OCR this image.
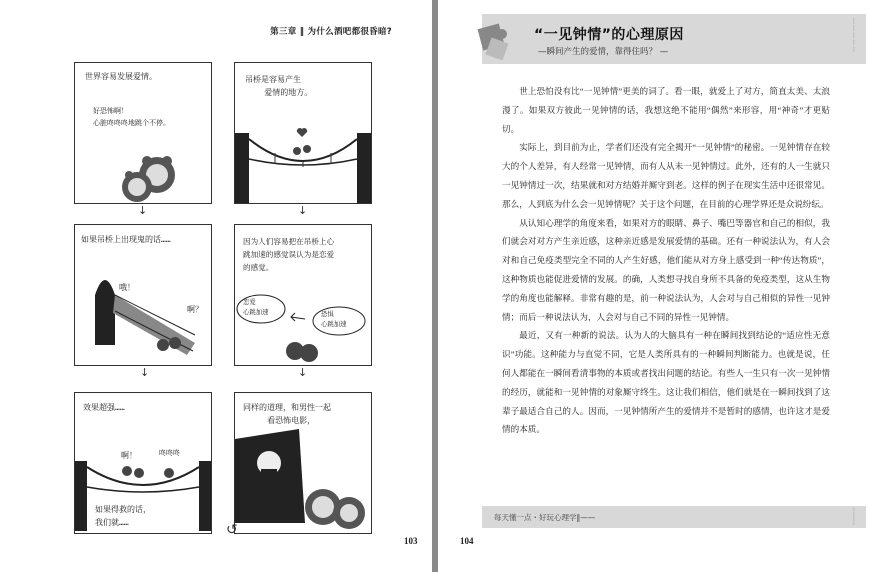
第三章 ‖ 为什么酒吧都很昏暗?
世界容易发展爱情。
好恐怖啊！
心脏咚咚咚地跳个不停。
↓
吊桥是容易产生
爱情的地方。
↓
如果吊桥上出现鬼的话……
哦！
啊？
↓
因为人们容易把在吊桥上心
跳加速的感觉误认为是恋爱
的感觉。
恋爱
心跳加速	恐惧
心跳加速
↓
效果超强……
啊！	咚咚咚
如果得救的话，
我们就……
同样的道理，和男性一起
看恐怖电影，
↺
103
“一见钟情”的心理原因
—瞬间产生的爱情，靠得住吗？ —
⋮
⋮
⋮
⋮
⋮

世上恐怕没有比“一见钟情”更美的词了。看一眼，就爱上了对方，简直太美、太浪漫了。如果双方彼此一见钟情的话，我想这绝不能用“偶然”来形容，用“神奇”才更贴切。

实际上，到目前为止，学者们还没有完全揭开“一见钟情”的秘密。一见钟情存在较大的个人差异，有人经常一见钟情，而有人从未一见钟情过。此外，还有的人一生就只一见钟情过一次，结果就和对方结婚并厮守到老。这样的例子在现实生活中还很常见。那么，人到底为什么会一见钟情呢？关于这个问题，在目前的心理学界还是众说纷纭。

从认知心理学的角度来看，如果对方的眼睛、鼻子、嘴巴等器官和自己的相似，我们就会对对方产生亲近感，这种亲近感是发展爱情的基础。还有一种说法认为，有人会对和自己免疫类型完全不同的人产生好感，他们能从对方身上感受到一种“传达物质”，这种物质也能促进爱情的发展。的确，人类想寻找自身所不具备的免疫类型，这从生物学的角度也能解释。非常有趣的是，前一种说法认为，人会对与自己相似的异性一见钟情；而后一种说法认为，人会对与自己不同的异性一见钟情。

最近，又有一种新的说法。认为人的大脑具有一种在瞬间找到结论的“适应性无意识”功能。这种能力与直觉不同，它是人类所具有的一种瞬间判断能力。也就是说，任何人都能在一瞬间看清事物的本质或者找出问题的结论。有些人一生只有一次一见钟情的经历，就能和一见钟情的对象厮守终生。这让我们相信，他们就是在一瞬间找到了这辈子最适合自己的人。因而，一见钟情所产生的爱情并不是暂时的感情，也许这才是爱情的本质。

每天懂一点・好玩心理学‖——
⋮
⋮
⋮
104
